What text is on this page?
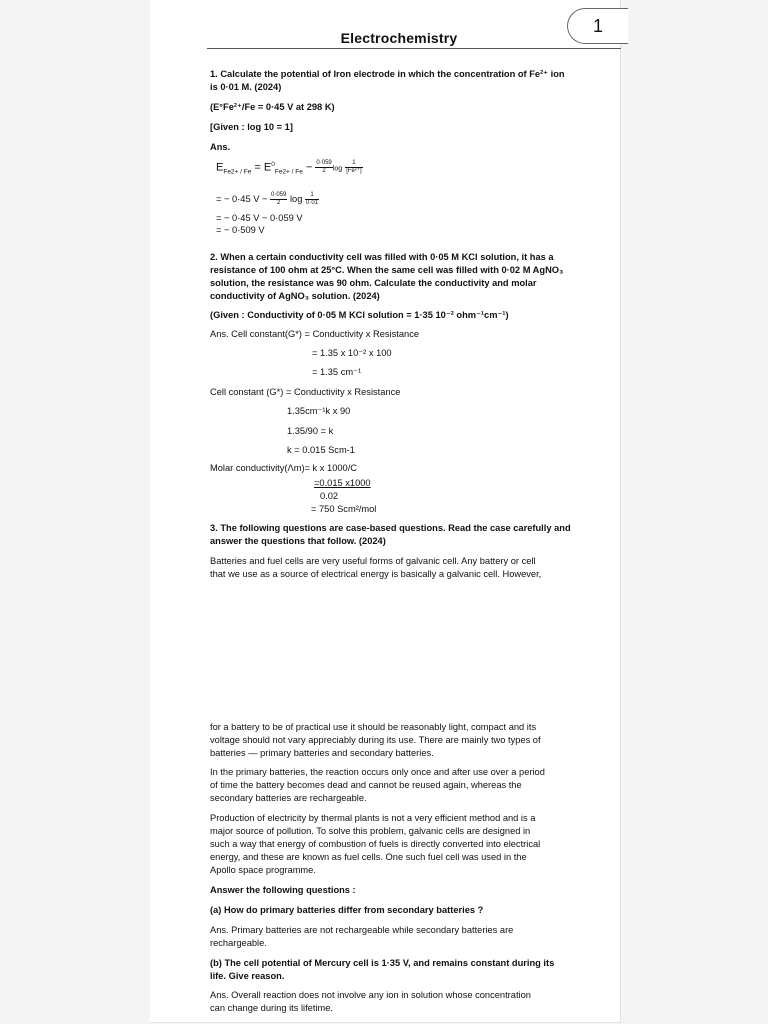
1
Electrochemistry
1. Calculate the potential of Iron electrode in which the concentration of Fe²⁺ ion
is 0·01 M. (2024)
(E°Fe²⁺/Fe = 0·45 V at 298 K)
[Given : log 10 = 1]
Ans.
$E_{Fe2+ / Fe} = E^0_{Fe2+ / Fe} - \frac{0\cdot 059}{2}$ $\log \frac{1}{\text{[Fe²⁺]}}$
= − 0·45 $V - \frac{0\cdot 059}{2}$ $\log \frac{1}{0\cdot 01}$
= − 0·45 V − 0·059 V
= − 0·509 V
2. When a certain conductivity cell was filled with 0·05 M KCl solution, it has a
resistance of 100 ohm at 25°C. When the same cell was filled with 0·02 M AgNO₃
solution, the resistance was 90 ohm. Calculate the conductivity and molar
conductivity of AgNO₃ solution. (2024)
(Given : Conductivity of 0·05 M KCl solution = 1·35 10⁻² ohm⁻¹cm⁻¹)
Ans. Cell constant(G*) = Conductivity x Resistance
= 1.35 x 10⁻² x 100
= 1.35 cm⁻¹
Cell constant (G*) = Conductivity x Resistance
1.35cm⁻¹k x 90
1.35/90 = k
k = 0.015 Scm-1
Molar conductivity(Λm)= k x 1000/C
=0.015 x1000
0.02
= 750 Scm²/mol
3. The following questions are case-based questions. Read the case carefully and
answer the questions that follow. (2024)
Batteries and fuel cells are very useful forms of galvanic cell. Any battery or cell
that we use as a source of electrical energy is basically a galvanic cell. However,
for a battery to be of practical use it should be reasonably light, compact and its
voltage should not vary appreciably during its use. There are mainly two types of
batteries — primary batteries and secondary batteries.
In the primary batteries, the reaction occurs only once and after use over a period
of time the battery becomes dead and cannot be reused again, whereas the
secondary batteries are rechargeable.
Production of electricity by thermal plants is not a very efficient method and is a
major source of pollution. To solve this problem, galvanic cells are designed in
such a way that energy of combustion of fuels is directly converted into electrical
energy, and these are known as fuel cells. One such fuel cell was used in the
Apollo space programme.
Answer the following questions :
(a) How do primary batteries differ from secondary batteries ?
Ans. Primary batteries are not rechargeable while secondary batteries are
rechargeable.
(b) The cell potential of Mercury cell is 1·35 V, and remains constant during its
life. Give reason.
Ans. Overall reaction does not involve any ion in solution whose concentration
can change during its lifetime.
